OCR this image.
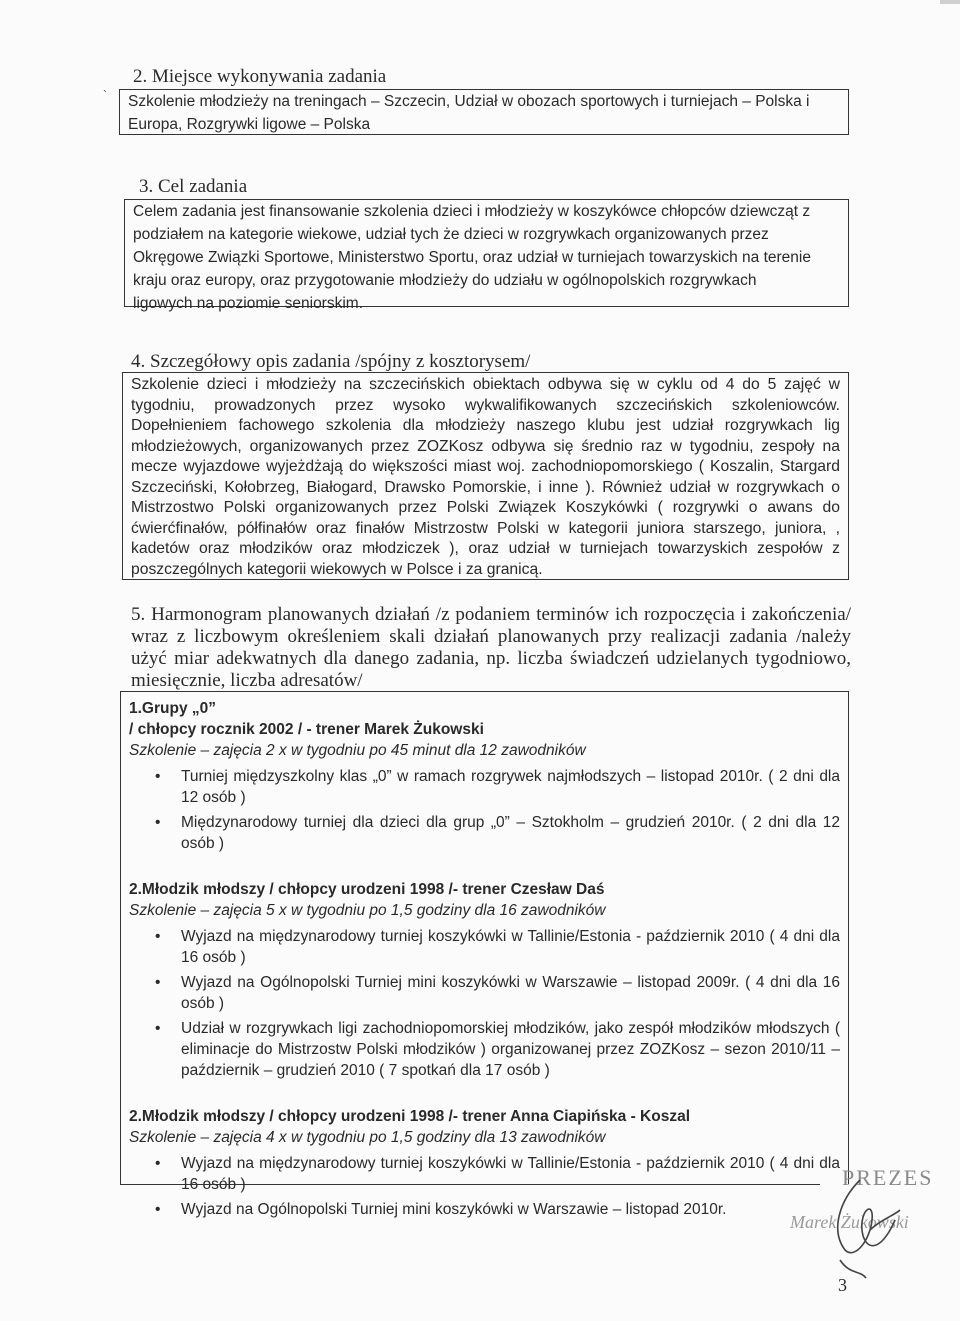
`
2. Miejsce wykonywania zadania

Szkolenie młodzieży na treningach – Szczecin, Udział w obozach sportowych i turniejach – Polska i

Europa, Rozgrywki ligowe – Polska

3. Cel zadania

Celem zadania jest finansowanie szkolenia dzieci i młodzieży w koszykówce chłopców dziewcząt z

podziałem na kategorie wiekowe, udział tych że dzieci w rozgrywkach organizowanych przez

Okręgowe Związki Sportowe, Ministerstwo Sportu, oraz udział w turniejach towarzyskich na terenie

kraju oraz europy, oraz przygotowanie młodzieży do udziału w ogólnopolskich rozgrywkach

ligowych na poziomie seniorskim.

4. Szczegółowy opis zadania /spójny z kosztorysem/

Szkolenie dzieci i młodzieży na szczecińskich obiektach odbywa się w cyklu od 4 do 5 zajęć w

tygodniu, prowadzonych przez wysoko wykwalifikowanych szczecińskich szkoleniowców.

Dopełnieniem fachowego szkolenia dla młodzieży naszego klubu jest udział rozgrywkach lig

młodzieżowych, organizowanych przez ZOZKosz odbywa się średnio raz w tygodniu, zespoły na

mecze wyjazdowe wyjeżdżają do większości miast woj. zachodniopomorskiego ( Koszalin, Stargard

Szczeciński, Kołobrzeg, Białogard, Drawsko Pomorskie, i inne ). Również udział w rozgrywkach o

Mistrzostwo Polski organizowanych przez Polski Związek Koszykówki ( rozgrywki o awans do

ćwierćfinałów, półfinałów oraz finałów Mistrzostw Polski w kategorii juniora starszego, juniora, ,

kadetów oraz młodzików oraz młodziczek ), oraz udział w turniejach towarzyskich zespołów z

poszczególnych kategorii wiekowych w Polsce i za granicą.

5. Harmonogram planowanych działań /z podaniem terminów ich rozpoczęcia i zakończenia/
wraz z liczbowym określeniem skali działań planowanych przy realizacji zadania /należy
użyć miar adekwatnych dla danego zadania, np. liczba świadczeń udzielanych tygodniowo,
miesięcznie, liczba adresatów/
1.Grupy „0”
/ chłopcy rocznik 2002 / - trener Marek Żukowski
Szkolenie – zajęcia 2 x w tygodniu po 45 minut dla 12 zawodników
• Turniej międzyszkolny klas „0” w ramach rozgrywek najmłodszych – listopad 2010r. ( 2 dni dla 12 osób )
• Międzynarodowy turniej dla dzieci dla grup „0” – Sztokholm – grudzień 2010r. ( 2 dni dla 12 osób )
2.Młodzik młodszy / chłopcy urodzeni 1998 /- trener Czesław Daś
Szkolenie – zajęcia 5 x w tygodniu po 1,5 godziny dla 16 zawodników
• Wyjazd na międzynarodowy turniej koszykówki w Tallinie/Estonia - październik 2010 ( 4 dni dla 16 osób )
• Wyjazd na Ogólnopolski Turniej mini koszykówki w Warszawie – listopad 2009r. ( 4 dni dla 16 osób )
• Udział w rozgrywkach ligi zachodniopomorskiej młodzików, jako zespół młodzików młodszych ( eliminacje do Mistrzostw Polski młodzików ) organizowanej przez ZOZKosz – sezon 2010/11 – październik – grudzień 2010 ( 7 spotkań dla 17 osób )
2.Młodzik młodszy / chłopcy urodzeni 1998 /- trener Anna Ciapińska - Koszal
Szkolenie – zajęcia 4 x w tygodniu po 1,5 godziny dla 13 zawodników
• Wyjazd na międzynarodowy turniej koszykówki w Tallinie/Estonia - październik 2010 ( 4 dni dla 16 osób )
• Wyjazd na Ogólnopolski Turniej mini koszykówki w Warszawie – listopad 2010r.
PREZES
Marek Żukowski
3
